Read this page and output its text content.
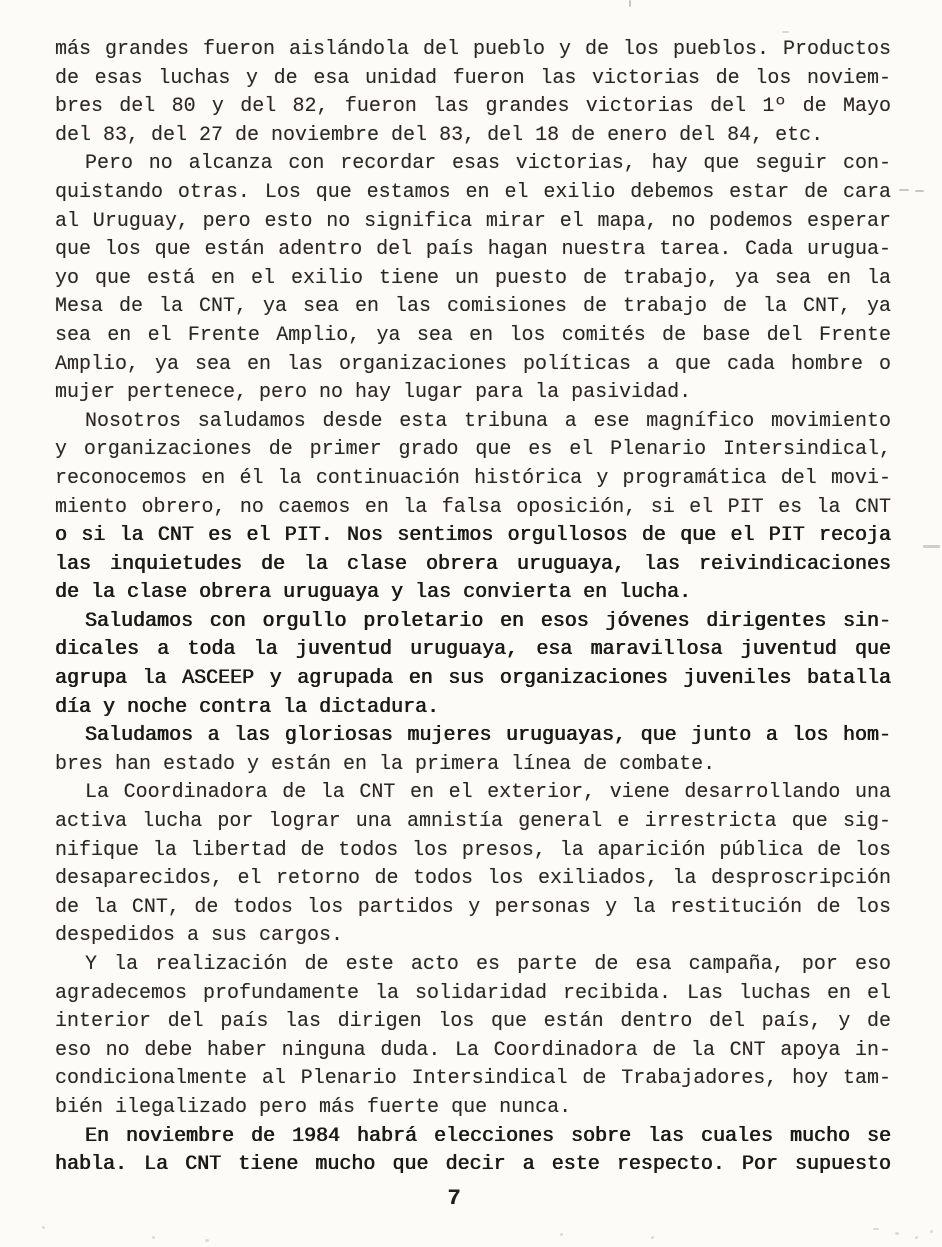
más grandes fueron aislándola del pueblo y de los pueblos. Productos
de esas luchas y de esa unidad fueron las victorias de los noviem-
bres del 80 y del 82, fueron las grandes victorias del 1º de Mayo
del 83, del 27 de noviembre del 83, del 18 de enero del 84, etc.
Pero no alcanza con recordar esas victorias, hay que seguir con-
quistando otras. Los que estamos en el exilio debemos estar de cara
al Uruguay, pero esto no significa mirar el mapa, no podemos esperar
que los que están adentro del país hagan nuestra tarea. Cada urugua-
yo que está en el exilio tiene un puesto de trabajo, ya sea en la
Mesa de la CNT, ya sea en las comisiones de trabajo de la CNT, ya
sea en el Frente Amplio, ya sea en los comités de base del Frente
Amplio, ya sea en las organizaciones políticas a que cada hombre o
mujer pertenece, pero no hay lugar para la pasividad.
Nosotros saludamos desde esta tribuna a ese magnífico movimiento
y organizaciones de primer grado que es el Plenario Intersindical,
reconocemos en él la continuación histórica y programática del movi-
miento obrero, no caemos en la falsa oposición, si el PIT es la CNT
o si la CNT es el PIT. Nos sentimos orgullosos de que el PIT recoja
las inquietudes de la clase obrera uruguaya, las reivindicaciones
de la clase obrera uruguaya y las convierta en lucha.
Saludamos con orgullo proletario en esos jóvenes dirigentes sin-
dicales a toda la juventud uruguaya, esa maravillosa juventud que
agrupa la ASCEEP y agrupada en sus organizaciones juveniles batalla
día y noche contra la dictadura.
Saludamos a las gloriosas mujeres uruguayas, que junto a los hom-
bres han estado y están en la primera línea de combate.
La Coordinadora de la CNT en el exterior, viene desarrollando una
activa lucha por lograr una amnistía general e irrestricta que sig-
nifique la libertad de todos los presos, la aparición pública de los
desaparecidos, el retorno de todos los exiliados, la desproscripción
de la CNT, de todos los partidos y personas y la restitución de los
despedidos a sus cargos.
Y la realización de este acto es parte de esa campaña, por eso
agradecemos profundamente la solidaridad recibida. Las luchas en el
interior del país las dirigen los que están dentro del país, y de
eso no debe haber ninguna duda. La Coordinadora de la CNT apoya in-
condicionalmente al Plenario Intersindical de Trabajadores, hoy tam-
bién ilegalizado pero más fuerte que nunca.
En noviembre de 1984 habrá elecciones sobre las cuales mucho se
habla. La CNT tiene mucho que decir a este respecto. Por supuesto
7
